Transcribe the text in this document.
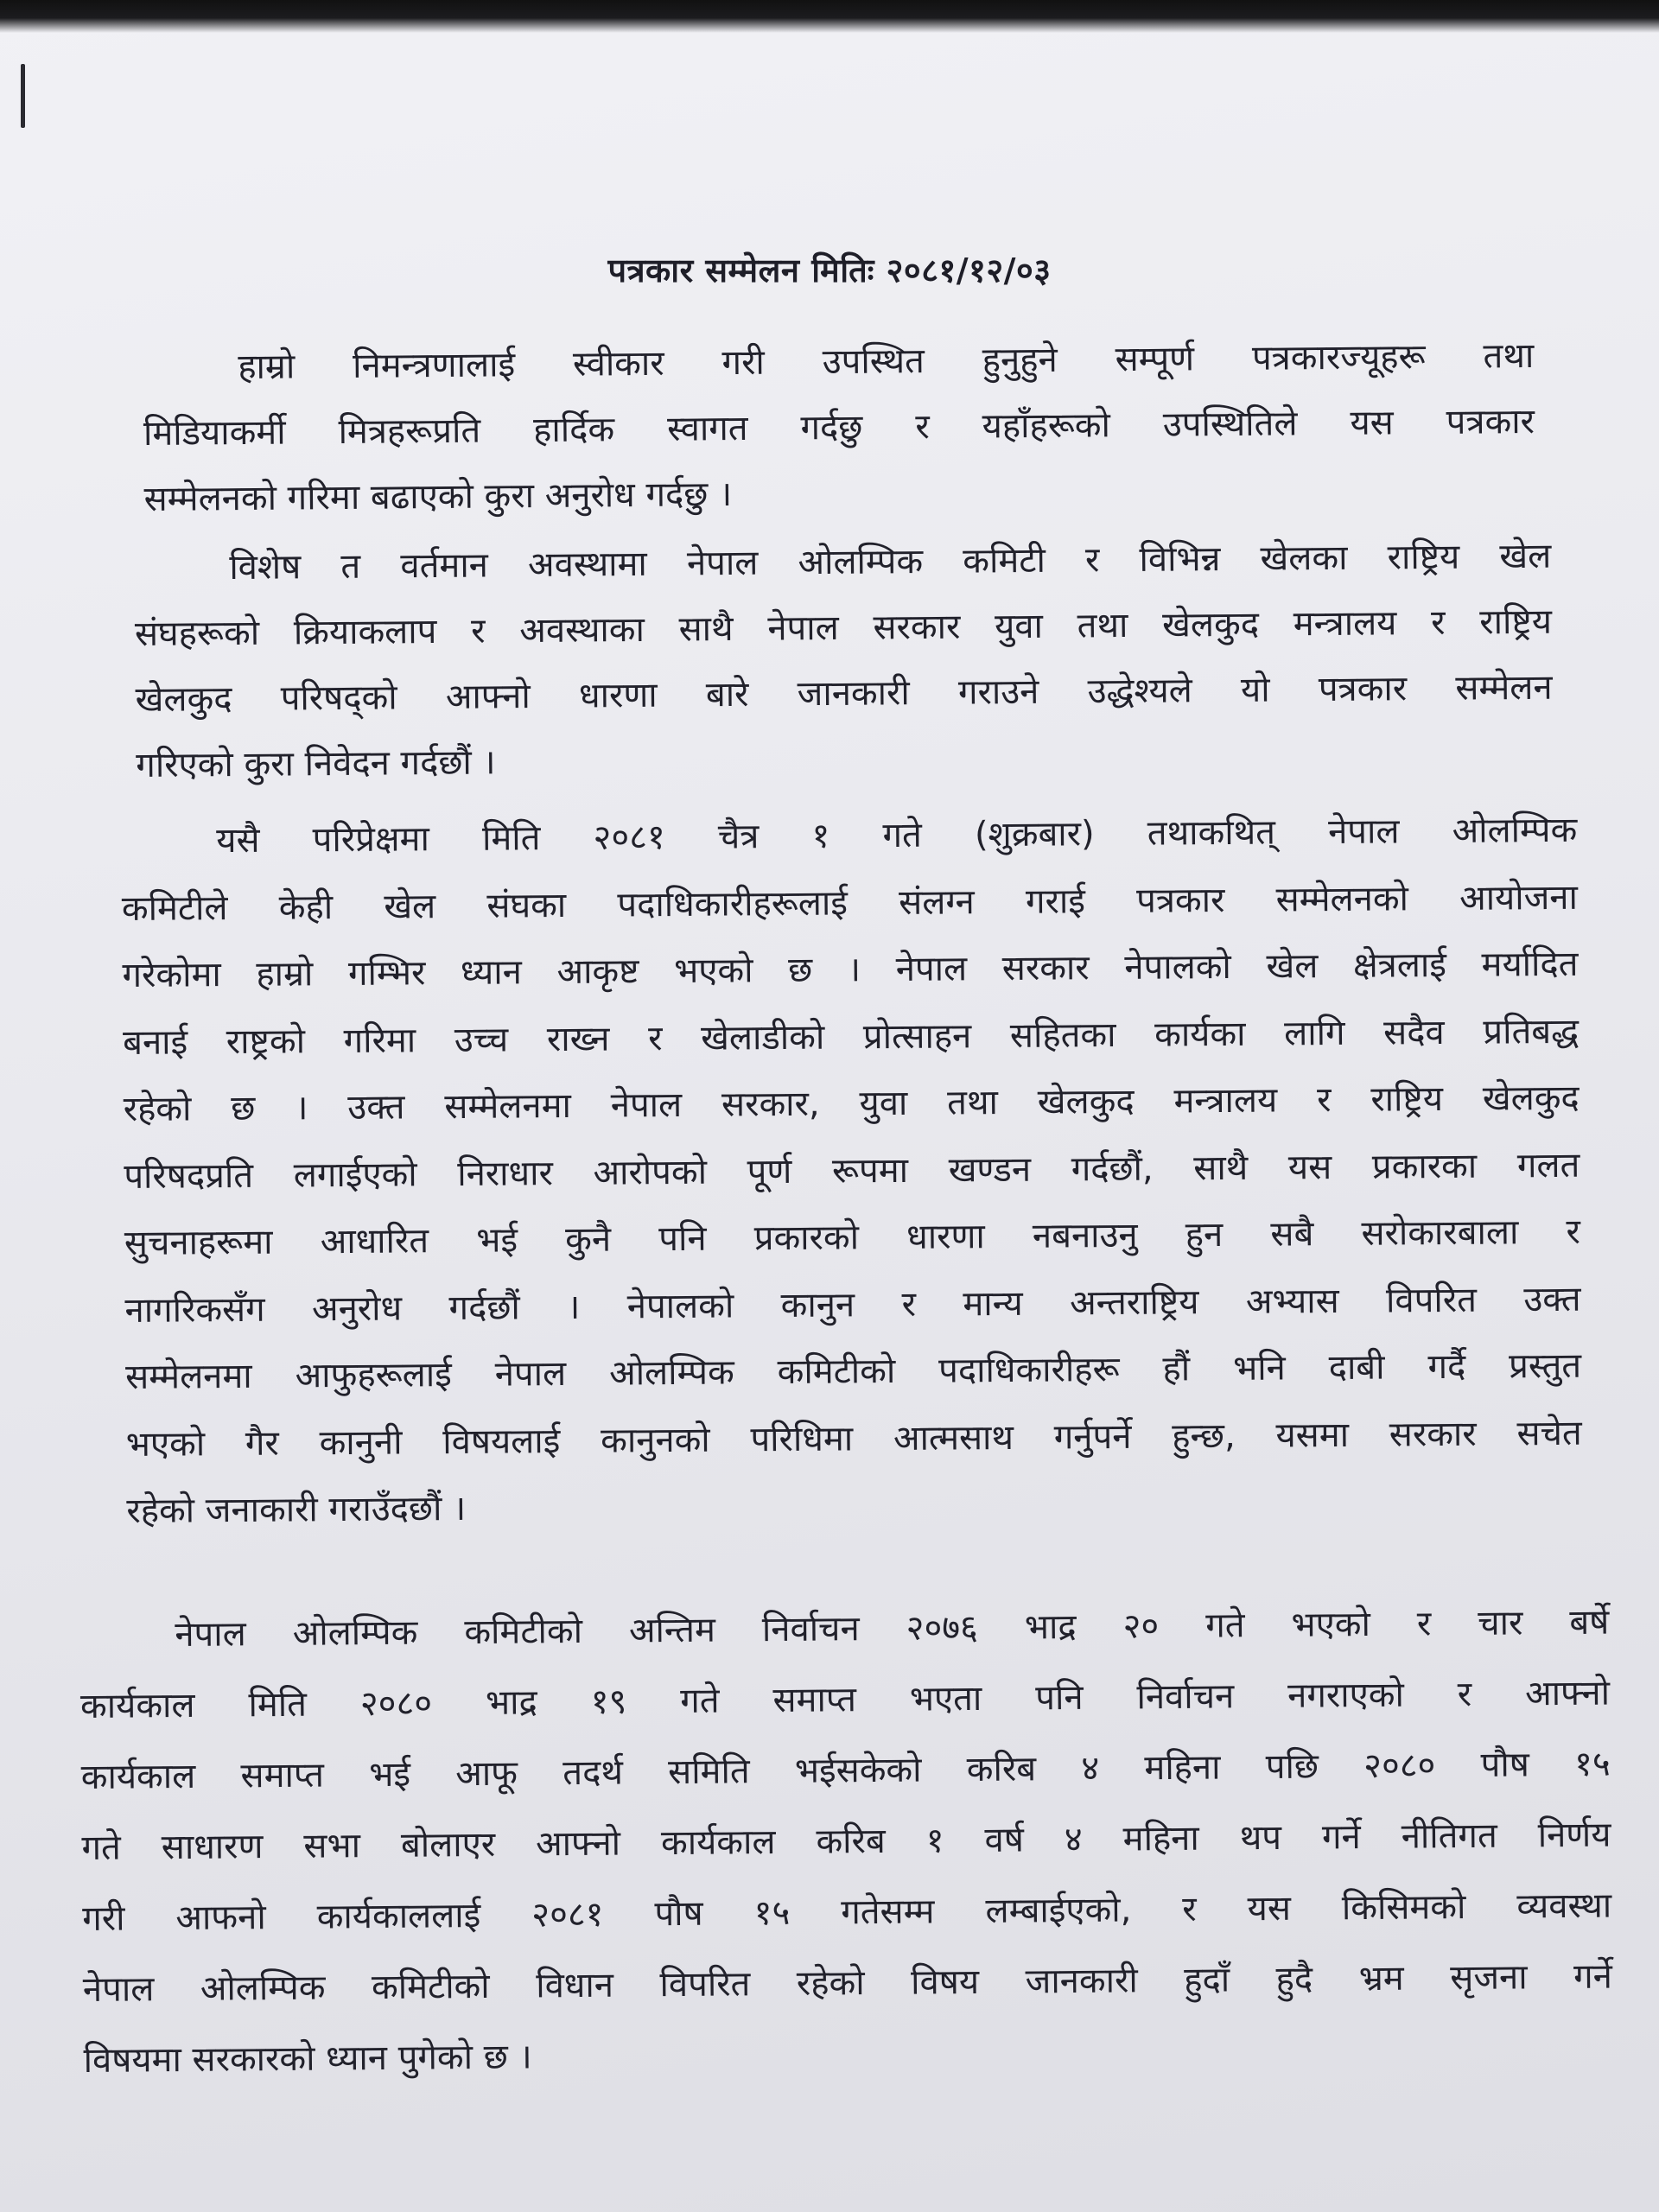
पत्रकार सम्मेलन मितिः २०८१/१२/०३
हाम्रो निमन्त्रणालाई स्वीकार गरी उपस्थित हुनुहुने सम्पूर्ण पत्रकारज्यूहरू तथा
मिडियाकर्मी मित्रहरूप्रति हार्दिक स्वागत गर्दछु र यहाँहरूको उपस्थितिले यस पत्रकार
सम्मेलनको गरिमा बढाएको कुरा अनुरोध गर्दछु ।
विशेष त वर्तमान अवस्थामा नेपाल ओलम्पिक कमिटी र विभिन्न खेलका राष्ट्रिय खेल
संघहरूको क्रियाकलाप र अवस्थाका साथै नेपाल सरकार युवा तथा खेलकुद मन्त्रालय र राष्ट्रिय
खेलकुद परिषद्को आफ्नो धारणा बारे जानकारी गराउने उद्धेश्यले यो पत्रकार सम्मेलन
गरिएको कुरा निवेदन गर्दछौं ।
यसै परिप्रेक्षमा मिति २०८१ चैत्र १ गते (शुक्रबार) तथाकथित् नेपाल ओलम्पिक
कमिटीले केही खेल संघका पदाधिकारीहरूलाई संलग्न गराई पत्रकार सम्मेलनको आयोजना
गरेकोमा हाम्रो गम्भिर ध्यान आकृष्ट भएको छ । नेपाल सरकार नेपालको खेल क्षेत्रलाई मर्यादित
बनाई राष्ट्रको गरिमा उच्च राख्न र खेलाडीको प्रोत्साहन सहितका कार्यका लागि सदैव प्रतिबद्ध
रहेको छ । उक्त सम्मेलनमा नेपाल सरकार, युवा तथा खेलकुद मन्त्रालय र राष्ट्रिय खेलकुद
परिषदप्रति लगाईएको निराधार आरोपको पूर्ण रूपमा खण्डन गर्दछौं, साथै यस प्रकारका गलत
सुचनाहरूमा आधारित भई कुनै पनि प्रकारको धारणा नबनाउनु हुन सबै सरोकारबाला र
नागरिकसँग अनुरोध गर्दछौं । नेपालको कानुन र मान्य अन्तराष्ट्रिय अभ्यास विपरित उक्त
सम्मेलनमा आफुहरूलाई नेपाल ओलम्पिक कमिटीको पदाधिकारीहरू हौं भनि दाबी गर्दै प्रस्तुत
भएको गैर कानुनी विषयलाई कानुनको परिधिमा आत्मसाथ गर्नुपर्ने हुन्छ, यसमा सरकार सचेत
रहेको जनाकारी गराउँदछौं ।
नेपाल ओलम्पिक कमिटीको अन्तिम निर्वाचन २०७६ भाद्र २० गते भएको र चार बर्षे
कार्यकाल मिति २०८० भाद्र १९ गते समाप्त भएता पनि निर्वाचन नगराएको र आफ्नो
कार्यकाल समाप्त भई आफू तदर्थ समिति भईसकेको करिब ४ महिना पछि २०८० पौष १५
गते साधारण सभा बोलाएर आफ्नो कार्यकाल करिब १ वर्ष ४ महिना थप गर्ने नीतिगत निर्णय
गरी आफनो कार्यकाललाई २०८१ पौष १५ गतेसम्म लम्बाईएको, र यस किसिमको व्यवस्था
नेपाल ओलम्पिक कमिटीको विधान विपरित रहेको विषय जानकारी हुदाँ हुदै भ्रम सृजना गर्ने
विषयमा सरकारको ध्यान पुगेको छ ।
